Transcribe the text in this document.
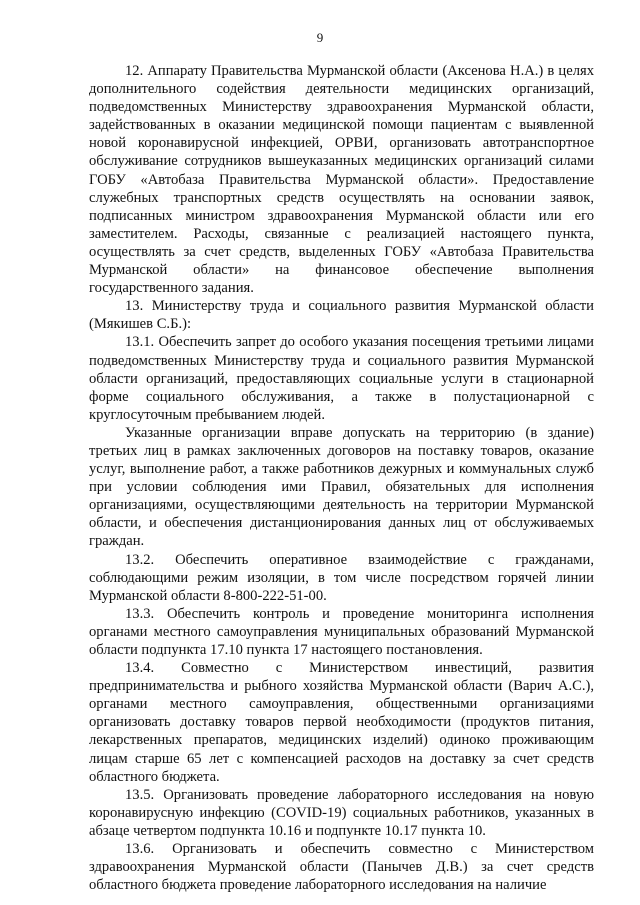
9

12. Аппарату Правительства Мурманской области (Аксенова Н.А.) в целях дополнительного содействия деятельности медицинских организаций, подведомственных Министерству здравоохранения Мурманской области, задействованных в оказании медицинской помощи пациентам с выявленной новой коронавирусной инфекцией, ОРВИ, организовать автотранспортное обслуживание сотрудников вышеуказанных медицинских организаций силами ГОБУ «Автобаза Правительства Мурманской области». Предоставление служебных транспортных средств осуществлять на основании заявок, подписанных министром здравоохранения Мурманской области или его заместителем. Расходы, связанные с реализацией настоящего пункта, осуществлять за счет средств, выделенных ГОБУ «Автобаза Правительства Мурманской области» на финансовое обеспечение выполнения государственного задания.

13. Министерству труда и социального развития Мурманской области (Мякишев С.Б.):

13.1. Обеспечить запрет до особого указания посещения третьими лицами подведомственных Министерству труда и социального развития Мурманской области организаций, предоставляющих социальные услуги в стационарной форме социального обслуживания, а также в полустационарной с круглосуточным пребыванием людей.

Указанные организации вправе допускать на территорию (в здание) третьих лиц в рамках заключенных договоров на поставку товаров, оказание услуг, выполнение работ, а также работников дежурных и коммунальных служб при условии соблюдения ими Правил, обязательных для исполнения организациями, осуществляющими деятельность на территории Мурманской области, и обеспечения дистанционирования данных лиц от обслуживаемых граждан.

13.2. Обеспечить оперативное взаимодействие с гражданами, соблюдающими режим изоляции, в том числе посредством горячей линии Мурманской области 8-800-222-51-00.

13.3. Обеспечить контроль и проведение мониторинга исполнения органами местного самоуправления муниципальных образований Мурманской области подпункта 17.10 пункта 17 настоящего постановления.

13.4. Совместно с Министерством инвестиций, развития предпринимательства и рыбного хозяйства Мурманской области (Варич А.С.), органами местного самоуправления, общественными организациями организовать доставку товаров первой необходимости (продуктов питания, лекарственных препаратов, медицинских изделий) одиноко проживающим лицам старше 65 лет с компенсацией расходов на доставку за счет средств областного бюджета.

13.5. Организовать проведение лабораторного исследования на новую коронавирусную инфекцию (COVID-19) социальных работников, указанных в абзаце четвертом подпункта 10.16 и подпункте 10.17 пункта 10.

13.6. Организовать и обеспечить совместно с Министерством здравоохранения Мурманской области (Панычев Д.В.) за счет средств областного бюджета проведение лабораторного исследования на наличие
